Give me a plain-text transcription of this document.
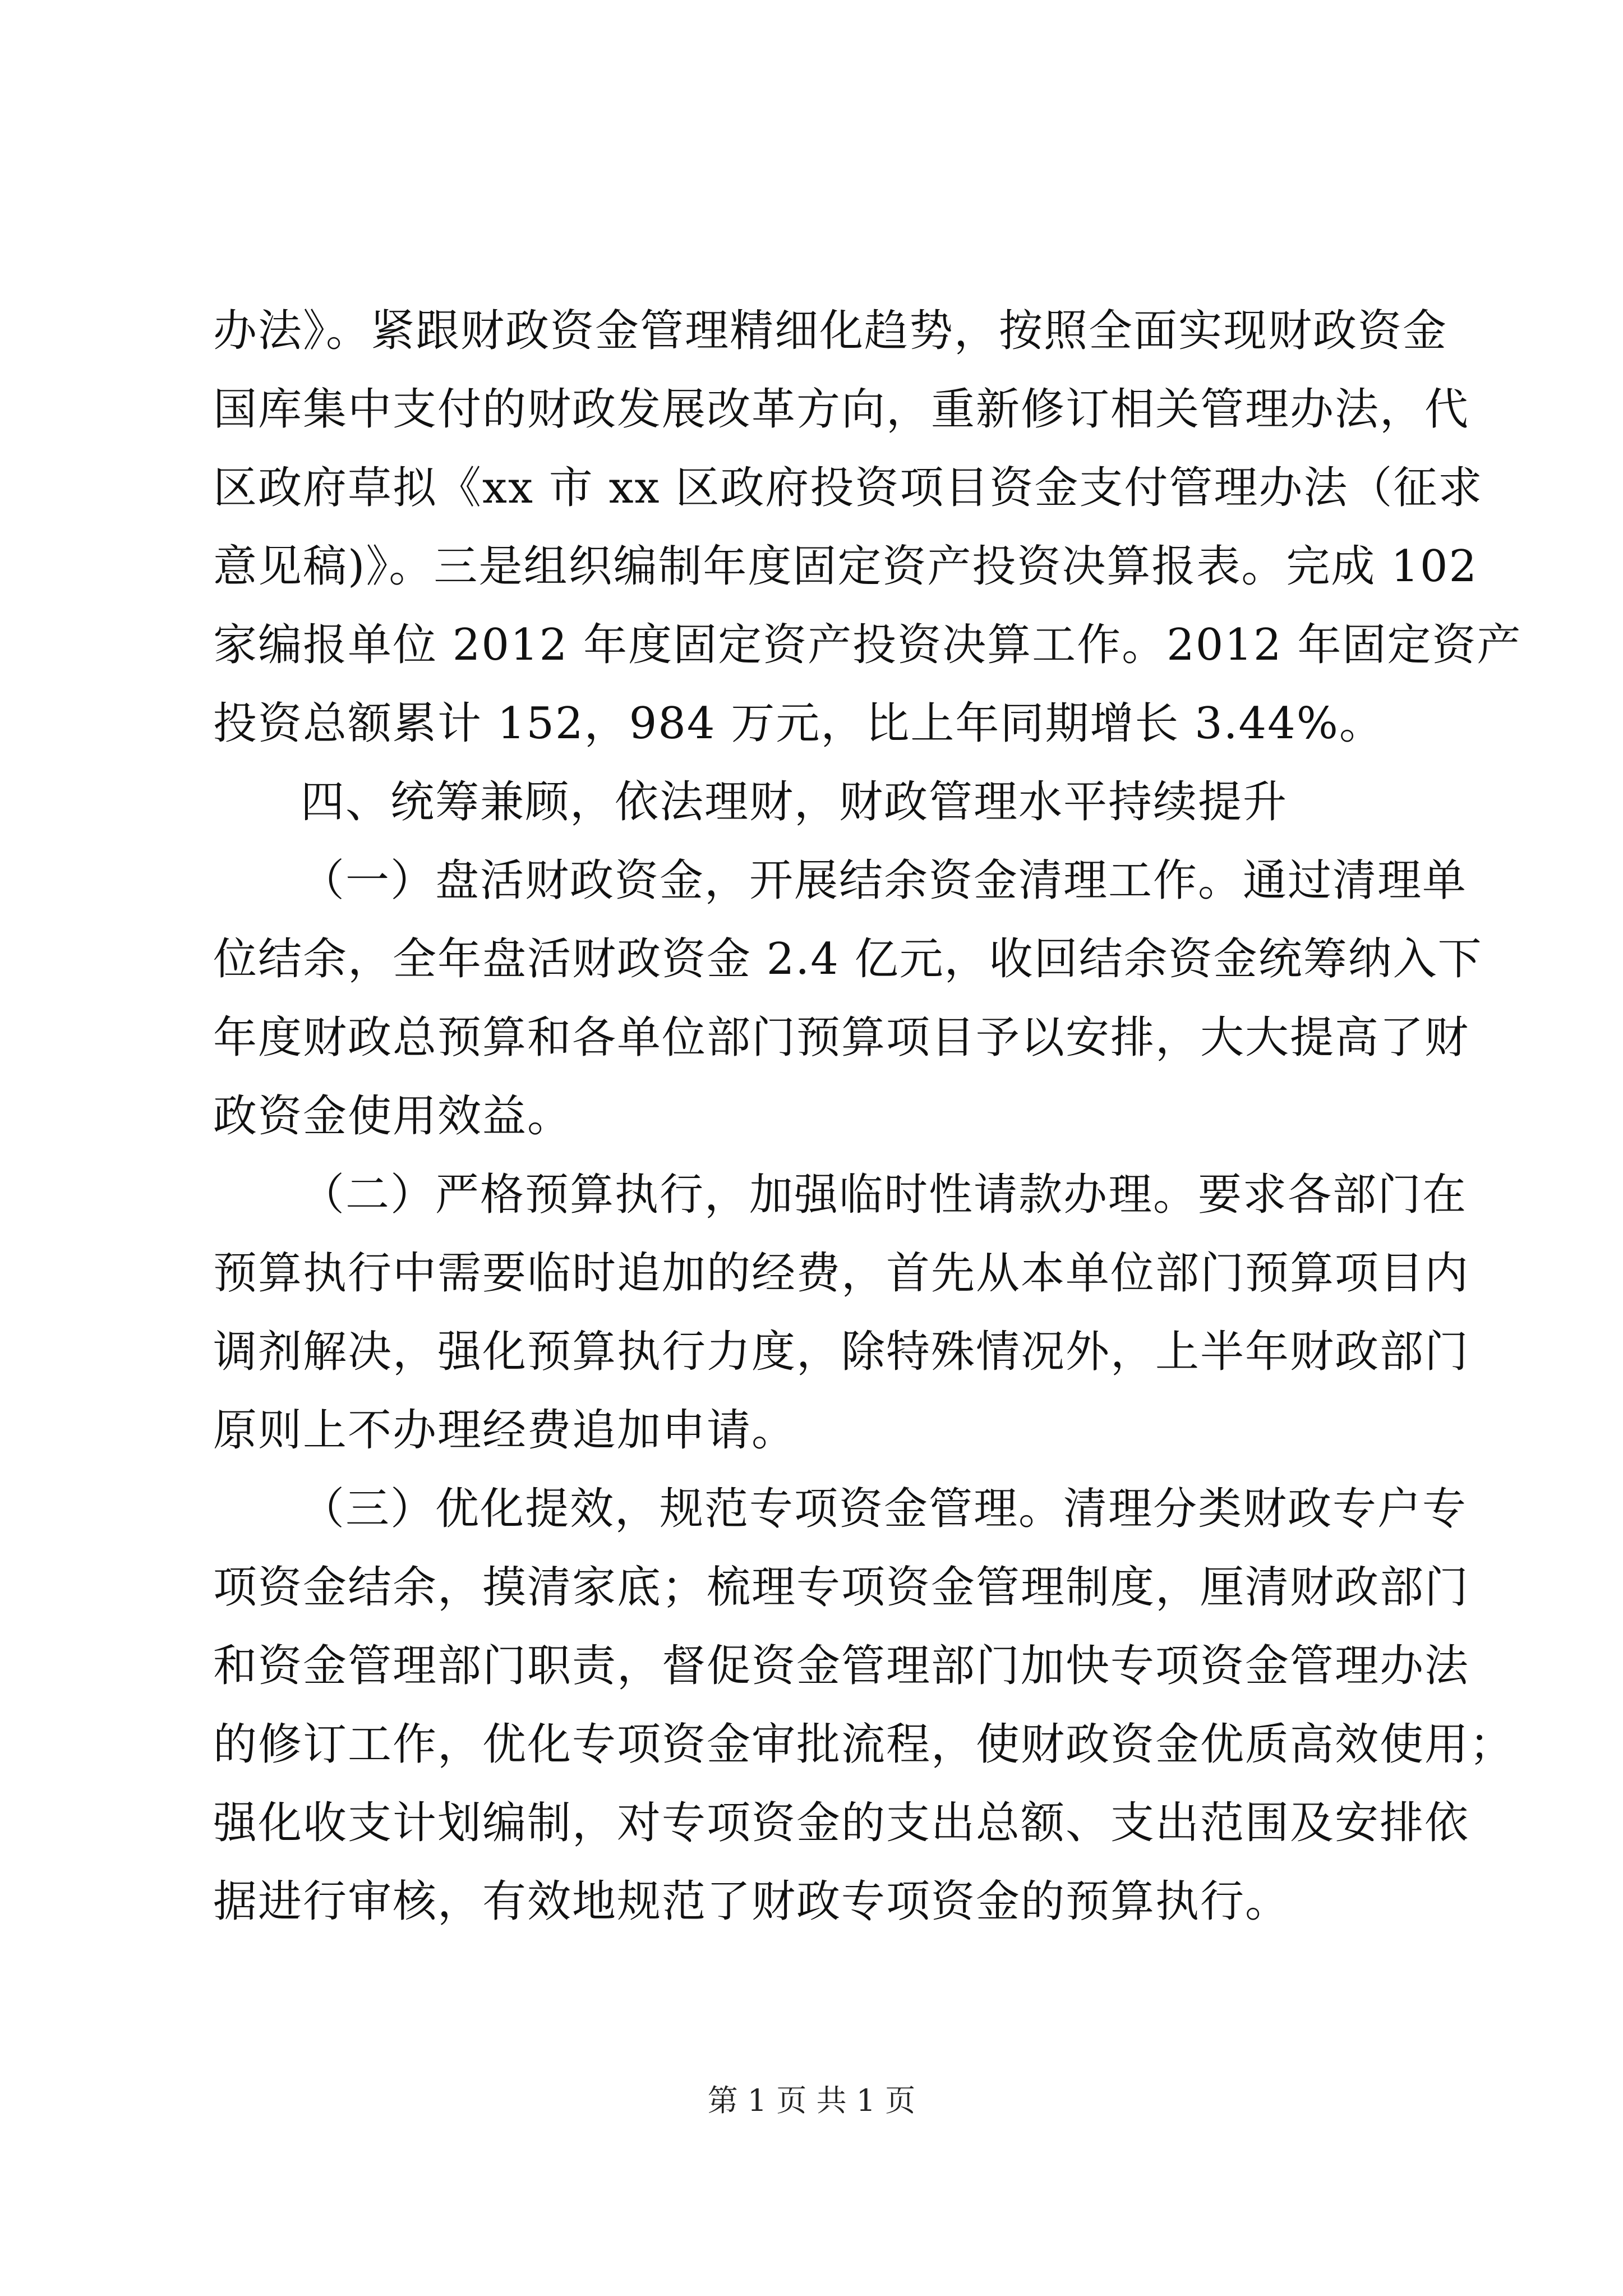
办法》。紧跟财政资金管理精细化趋势，按照全面实现财政资金
国库集中支付的财政发展改革方向，重新修订相关管理办法，代
区政府草拟《xx 市 xx 区政府投资项目资金支付管理办法（征求
意见稿)》。三是组织编制年度固定资产投资决算报表。完成 102
家编报单位 2012 年度固定资产投资决算工作。2012 年固定资产
投资总额累计 152，984 万元，比上年同期增长 3.44%。
四、统筹兼顾，依法理财，财政管理水平持续提升
（一）盘活财政资金，开展结余资金清理工作。通过清理单
位结余，全年盘活财政资金 2.4 亿元，收回结余资金统筹纳入下
年度财政总预算和各单位部门预算项目予以安排，大大提高了财
政资金使用效益。
（二）严格预算执行，加强临时性请款办理。要求各部门在
预算执行中需要临时追加的经费，首先从本单位部门预算项目内
调剂解决，强化预算执行力度，除特殊情况外，上半年财政部门
原则上不办理经费追加申请。
（三）优化提效，规范专项资金管理。清理分类财政专户专
项资金结余，摸清家底；梳理专项资金管理制度，厘清财政部门
和资金管理部门职责，督促资金管理部门加快专项资金管理办法
的修订工作，优化专项资金审批流程，使财政资金优质高效使用；
强化收支计划编制，对专项资金的支出总额、支出范围及安排依
据进行审核，有效地规范了财政专项资金的预算执行。
第 1 页 共 1 页
